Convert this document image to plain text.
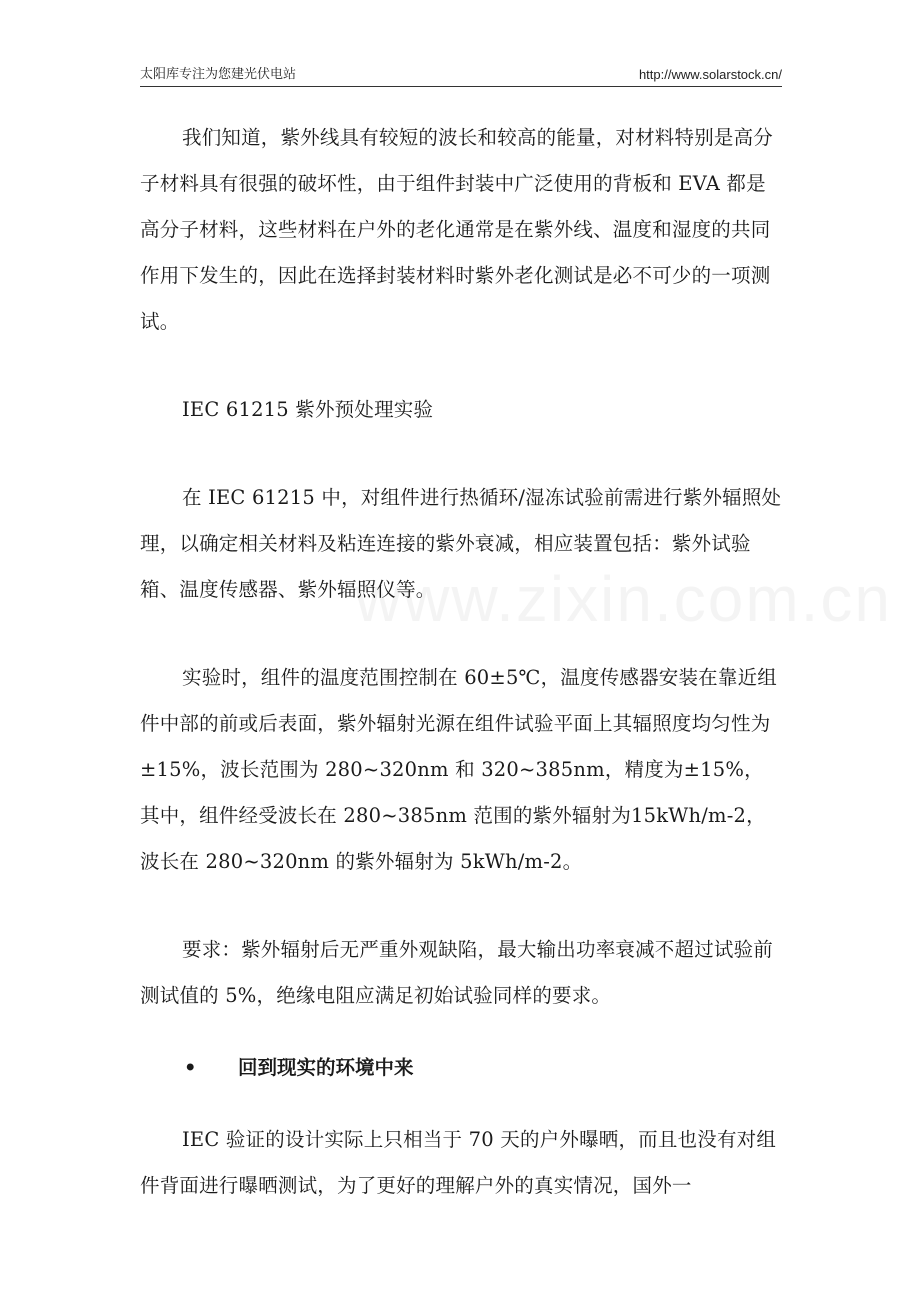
太阳库专注为您建光伏电站	http://www.solarstock.cn/
www.zixin.com.cn

我们知道，紫外线具有较短的波长和较高的能量，对材料特别是高分子材料具有很强的破坏性，由于组件封装中广泛使用的背板和 EVA 都是高分子材料，这些材料在户外的老化通常是在紫外线、温度和湿度的共同作用下发生的，因此在选择封装材料时紫外老化测试是必不可少的一项测试。

IEC 61215 紫外预处理实验

在 IEC 61215 中，对组件进行热循环/湿冻试验前需进行紫外辐照处理，以确定相关材料及粘连连接的紫外衰减，相应装置包括：紫外试验箱、温度传感器、紫外辐照仪等。

实验时，组件的温度范围控制在 60±5℃，温度传感器安装在靠近组件中部的前或后表面，紫外辐射光源在组件试验平面上其辐照度均匀性为 ±15%，波长范围为 280~320nm 和 320~385nm，精度为±15%，其中，组件经受波长在 280~385nm 范围的紫外辐射为15kWh/m-2，波长在 280~320nm 的紫外辐射为 5kWh/m-2。

要求：紫外辐射后无严重外观缺陷，最大输出功率衰减不超过试验前测试值的 5%，绝缘电阻应满足初始试验同样的要求。

• 回到现实的环境中来

IEC 验证的设计实际上只相当于 70 天的户外曝晒，而且也没有对组件背面进行曝晒测试，为了更好的理解户外的真实情况，国外一
